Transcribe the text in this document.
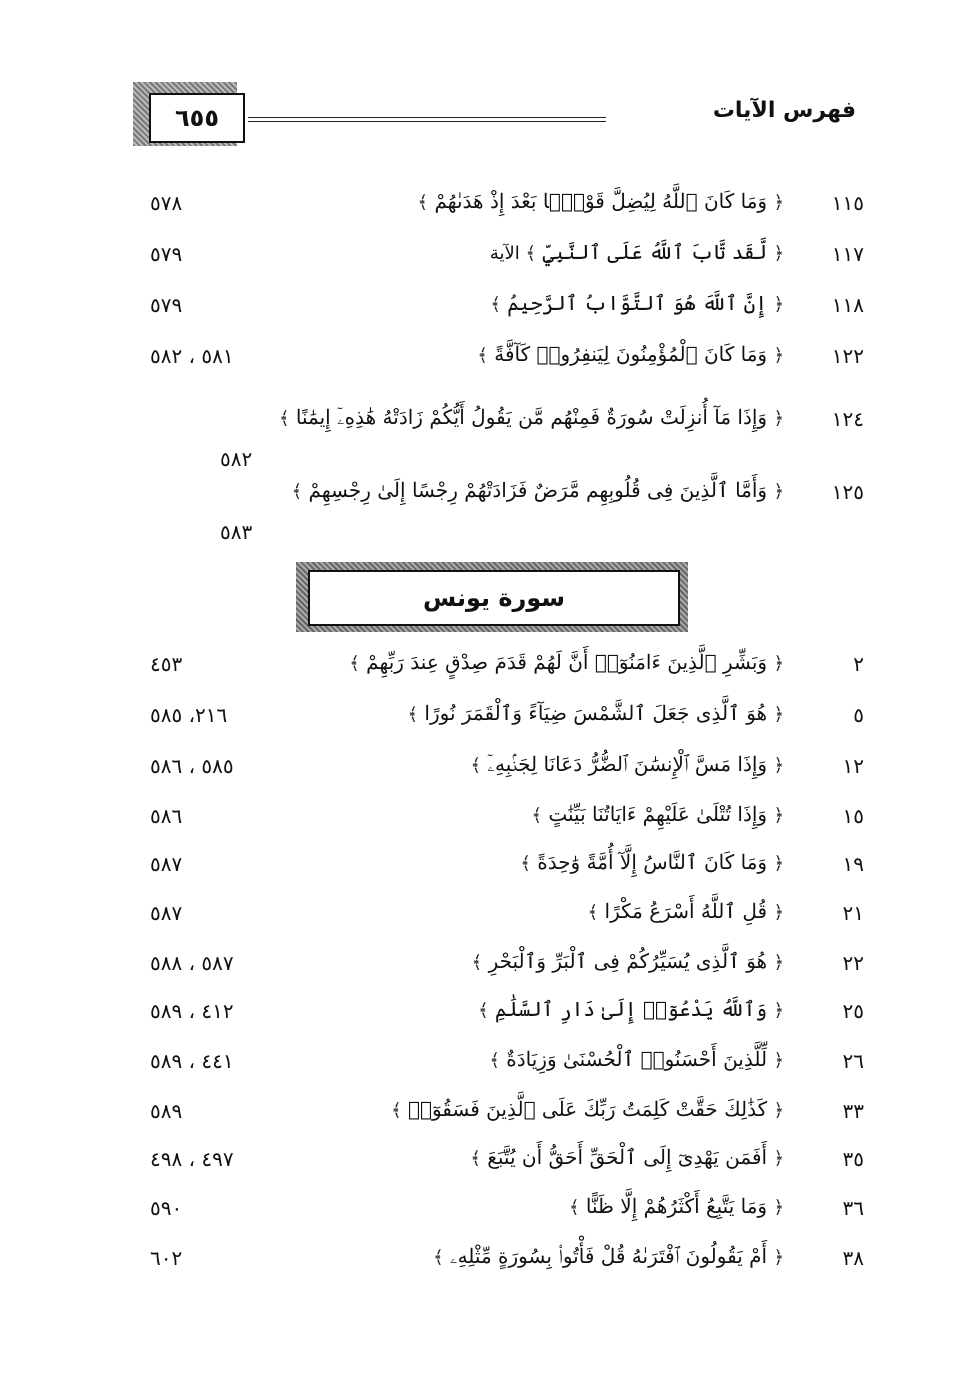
فهرس الآيات
٦٥٥
١١٥
﴿ وَمَا كَانَ ٱللَّهُ لِيُضِلَّ قَوْمًۢا بَعْدَ إِذْ هَدَىٰهُمْ ﴾
٥٧٨
١١٧
﴿ لَّقَد تَّابَ ٱللَّهُ عَلَى ٱلنَّبِيِّ ﴾ الآية
٥٧٩
١١٨
﴿ إِنَّ ٱللَّهَ هُوَ ٱلتَّوَّابُ ٱلرَّحِيمُ ﴾
٥٧٩
١٢٢
﴿ وَمَا كَانَ ٱلْمُؤْمِنُونَ لِيَنفِرُوا۟ كَآفَّةً ﴾
٥٨١ ، ٥٨٢
١٢٤
﴿ وَإِذَا مَآ أُنزِلَتْ سُورَةٌ فَمِنْهُم مَّن يَقُولُ أَيُّكُمْ زَادَتْهُ هَٰذِهِۦٓ إِيمَٰنًا ﴾
٥٨٢
١٢٥
﴿ وَأَمَّا ٱلَّذِينَ فِى قُلُوبِهِم مَّرَضٌ فَزَادَتْهُمْ رِجْسًا إِلَىٰ رِجْسِهِمْ ﴾
٥٨٣
سورة يونس
٢
﴿ وَبَشِّرِ ٱلَّذِينَ ءَامَنُوٓا۟ أَنَّ لَهُمْ قَدَمَ صِدْقٍ عِندَ رَبِّهِمْ ﴾
٤٥٣
٥
﴿ هُوَ ٱلَّذِى جَعَلَ ٱلشَّمْسَ ضِيَآءً وَٱلْقَمَرَ نُورًا ﴾
٢١٦، ٥٨٥
١٢
﴿ وَإِذَا مَسَّ ٱلْإِنسَٰنَ ٱلضُّرُّ دَعَانَا لِجَنۢبِهِۦٓ ﴾
٥٨٥ ، ٥٨٦
١٥
﴿ وَإِذَا تُتْلَىٰ عَلَيْهِمْ ءَايَاتُنَا بَيِّنَٰتٍ ﴾
٥٨٦
١٩
﴿ وَمَا كَانَ ٱلنَّاسُ إِلَّآ أُمَّةً وَٰحِدَةً ﴾
٥٨٧
٢١
﴿ قُلِ ٱللَّهُ أَسْرَعُ مَكْرًا ﴾
٥٨٧
٢٢
﴿ هُوَ ٱلَّذِى يُسَيِّرُكُمْ فِى ٱلْبَرِّ وَٱلْبَحْرِ ﴾
٥٨٧ ، ٥٨٨
٢٥
﴿ وَٱللَّهُ يَدْعُوٓا۟ إِلَىٰ دَارِ ٱلسَّلَٰمِ ﴾
٤١٢ ، ٥٨٩
٢٦
﴿ لِّلَّذِينَ أَحْسَنُوا۟ ٱلْحُسْنَىٰ وَزِيَادَةٌ ﴾
٤٤١ ، ٥٨٩
٣٣
﴿ كَذَٰلِكَ حَقَّتْ كَلِمَتُ رَبِّكَ عَلَى ٱلَّذِينَ فَسَقُوٓا۟ ﴾
٥٨٩
٣٥
﴿ أَفَمَن يَهْدِىٓ إِلَى ٱلْحَقِّ أَحَقُّ أَن يُتَّبَعَ ﴾
٤٩٧ ، ٤٩٨
٣٦
﴿ وَمَا يَتَّبِعُ أَكْثَرُهُمْ إِلَّا ظَنًّا ﴾
٥٩٠
٣٨
﴿ أَمْ يَقُولُونَ ٱفْتَرَىٰهُ قُلْ فَأْتُوا۟ بِسُورَةٍ مِّثْلِهِۦ ﴾
٦٠٢
